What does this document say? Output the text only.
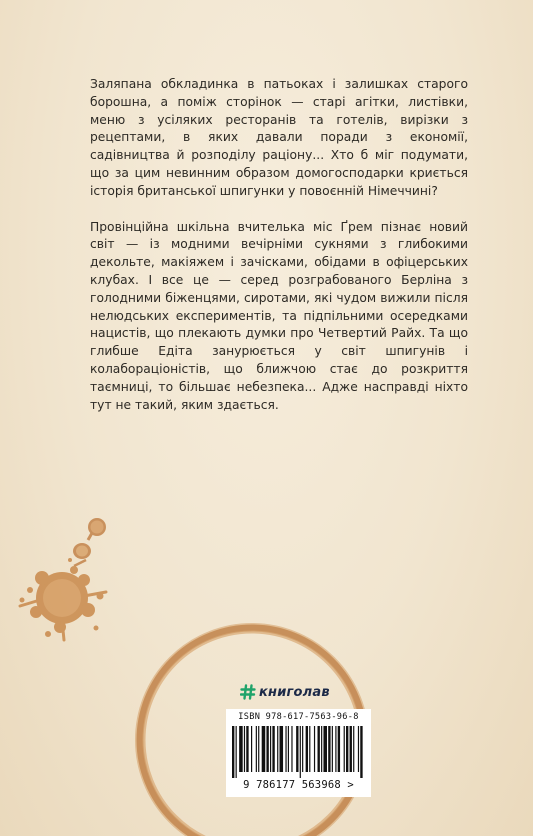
Заляпана обкладинка в патьоках і залишках старого борошна, а поміж сторінок — старі агітки, листівки, меню з усіляких ресторанів та готелів, вирізки з рецептами, в яких давали поради з економії, садівництва й розподілу раціону... Хто б міг подумати, що за цим невинним образом домогосподарки криється історія британської шпигунки у повоєнній Німеччині?

Провінційна шкільна вчителька міс Ґрем пізнає новий світ — із модними вечірніми сукнями з глибокими декольте, макіяжем і зачісками, обідами в офіцерських клубах. І все це — серед розграбованого Берліна з голодними біженцями, сиротами, які чудом вижили після нелюдських експериментів, та підпільними осередками нацистів, що плекають думки про Четвертий Райх. Та що глибше Едіта занурюється у світ шпигунів і колабораціоністів, що ближчою стає до розкриття таємниці, то більшає небезпека... Адже насправді ніхто тут не такий, яким здається.

книголав
ISBN 978-617-7563-96-8
9 786177 563968 >
